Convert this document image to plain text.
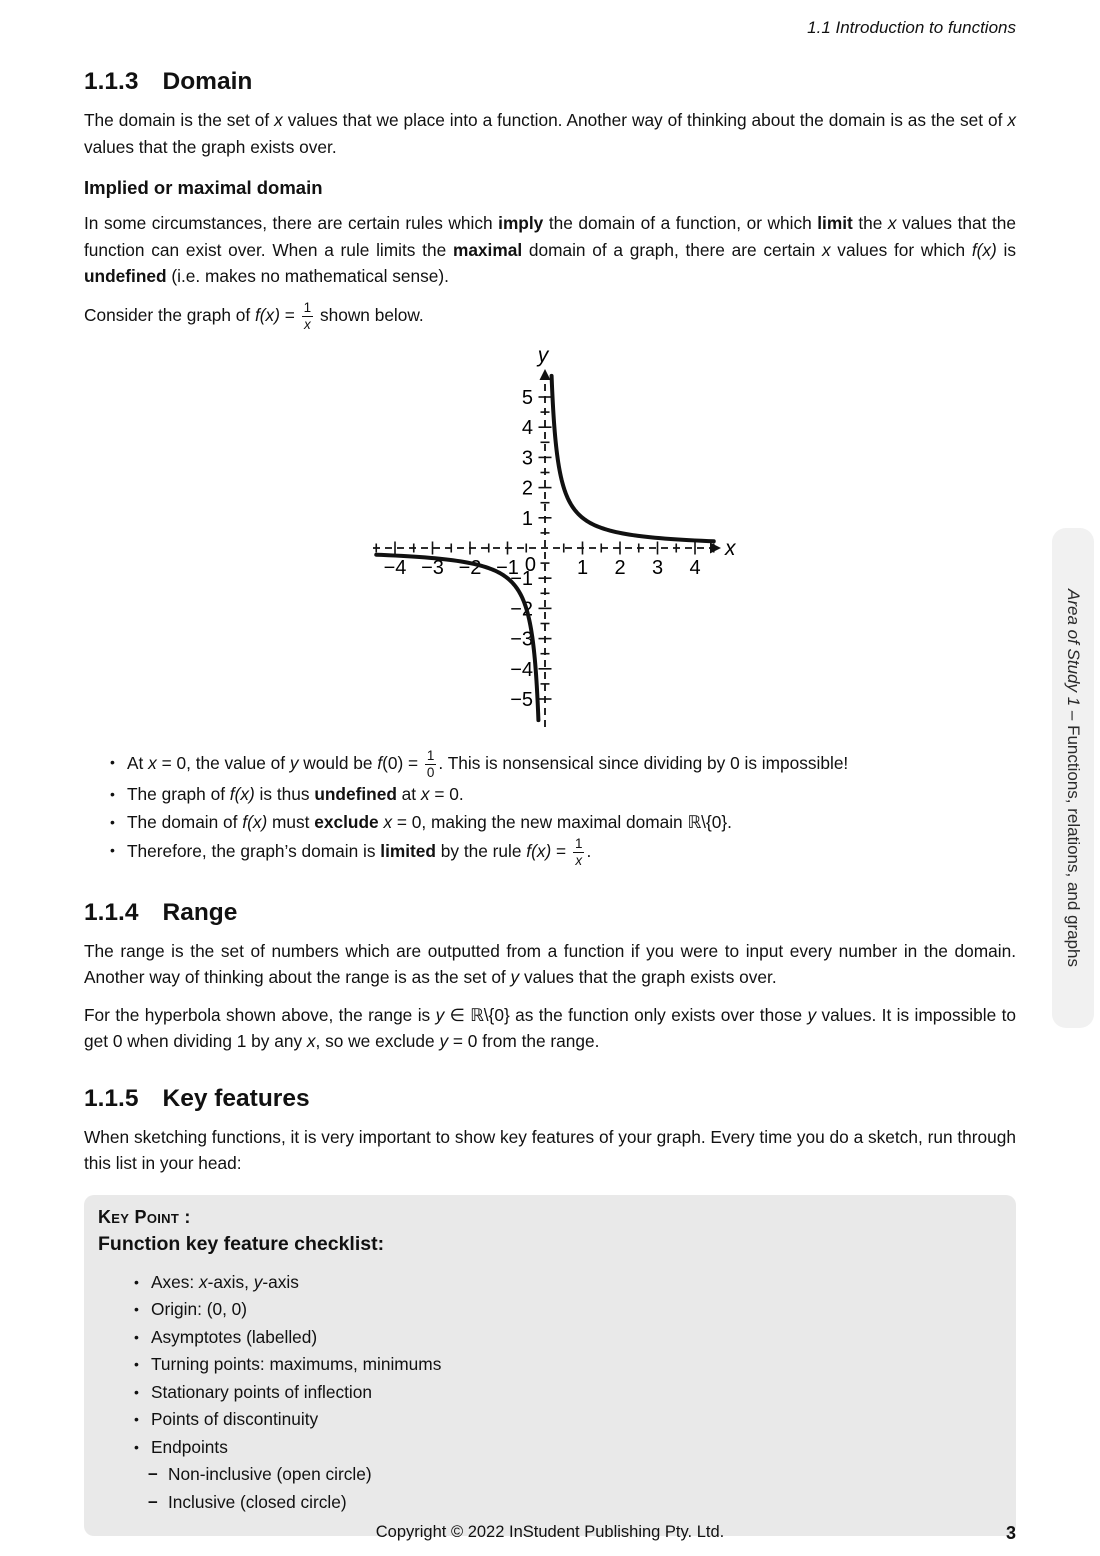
1.1 Introduction to functions
1.1.3 Domain

The domain is the set of x values that we place into a function. Another way of thinking about the domain is as the set of x values that the graph exists over.

Implied or maximal domain

In some circumstances, there are certain rules which imply the domain of a function, or which limit the x values that the function can exist over. When a rule limits the maximal domain of a graph, there are certain x values for which f(x) is undefined (i.e. makes no mathematical sense).

Consider the graph of $f(x) = \frac{1}{x}$ shown below.

−4 −3 −2 −1 0 1 2 3 4
−5
−4
−3
−2
−1
1
2
3
4
5
x
y
• At x = 0, the value of y would be $f(0) = \frac{1}{0}$ . This is nonsensical since dividing by 0 is impossible!
• The graph of f(x) is thus undefined at x = 0.
• The domain of f(x) must exclude x = 0, making the new maximal domain ℝ\{0}.
• Therefore, the graph’s domain is limited by the rule $f(x) = \frac{1}{x}$ .
1.1.4 Range

The range is the set of numbers which are outputted from a function if you were to input every number in the domain. Another way of thinking about the range is as the set of y values that the graph exists over.

For the hyperbola shown above, the range is y ∈ ℝ\{0} as the function only exists over those y values. It is impossible to get 0 when dividing 1 by any x, so we exclude y = 0 from the range.

1.1.5 Key features

When sketching functions, it is very important to show key features of your graph. Every time you do a sketch, run through this list in your head:

Key Point :
Function key feature checklist:
• Axes: x-axis, y-axis
• Origin: (0, 0)
• Asymptotes (labelled)
• Turning points: maximums, minimums
• Stationary points of inflection
• Points of discontinuity
• Endpoints
– Non-inclusive (open circle)
– Inclusive (closed circle)
Area of Study 1 – Functions, relations, and graphs
Copyright © 2022 InStudent Publishing Pty. Ltd.	3
